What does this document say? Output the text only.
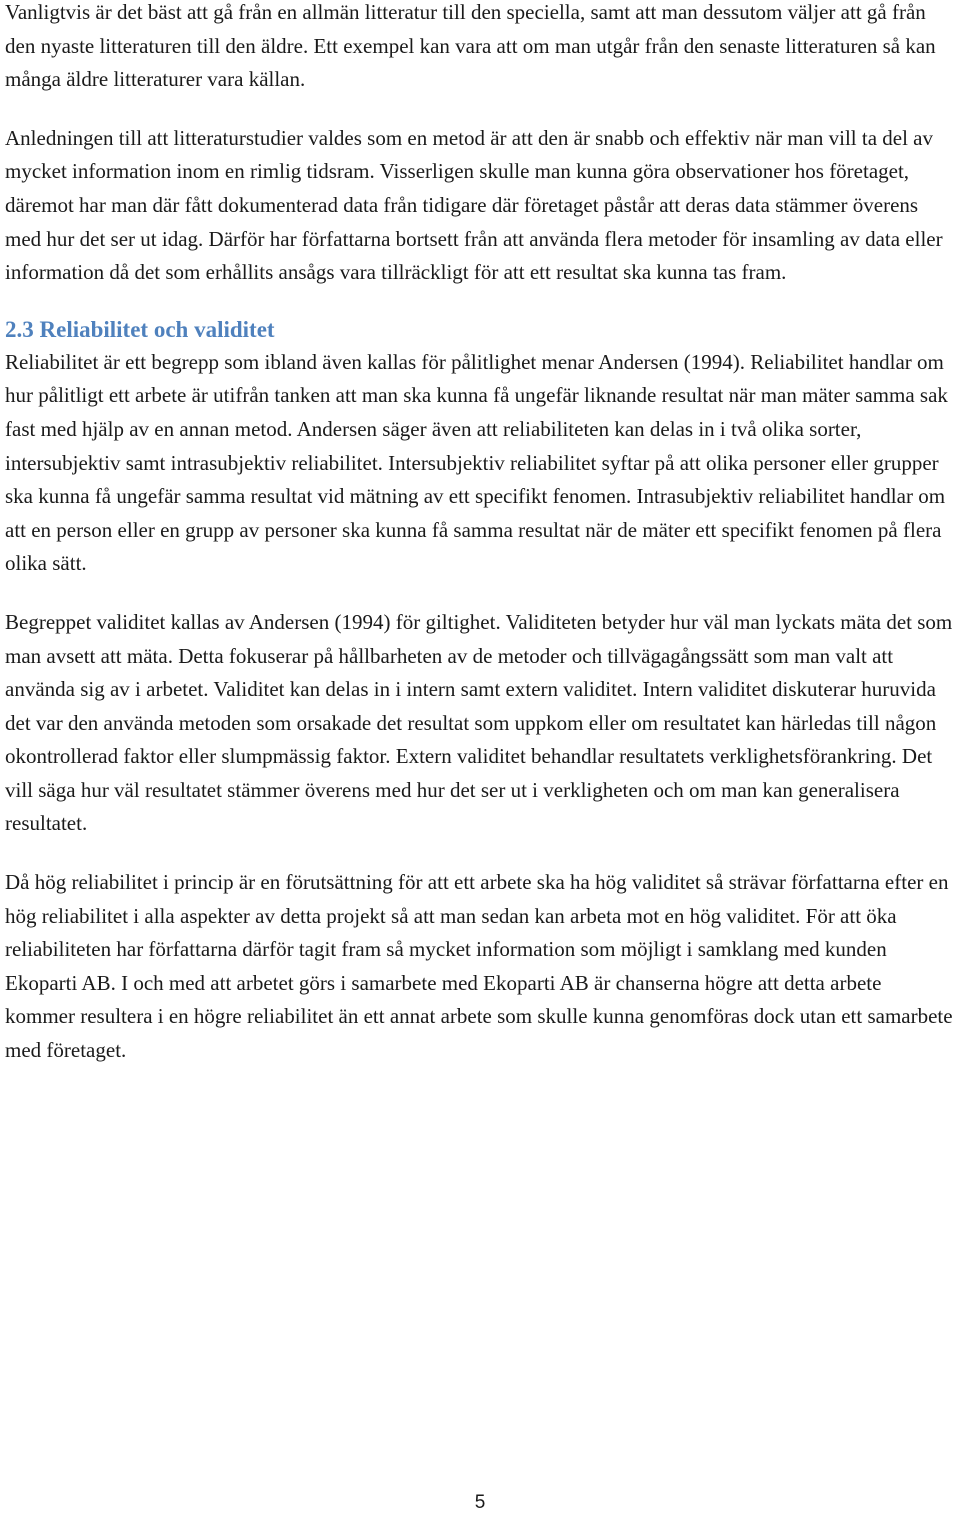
Vanligtvis är det bäst att gå från en allmän litteratur till den speciella, samt att man dessutom väljer att gå från den nyaste litteraturen till den äldre. Ett exempel kan vara att om man utgår från den senaste litteraturen så kan många äldre litteraturer vara källan.

Anledningen till att litteraturstudier valdes som en metod är att den är snabb och effektiv när man vill ta del av mycket information inom en rimlig tidsram. Visserligen skulle man kunna göra observationer hos företaget, däremot har man där fått dokumenterad data från tidigare där företaget påstår att deras data stämmer överens med hur det ser ut idag. Därför har författarna bortsett från att använda flera metoder för insamling av data eller information då det som erhållits ansågs vara tillräckligt för att ett resultat ska kunna tas fram.

2.3 Reliabilitet och validitet

Reliabilitet är ett begrepp som ibland även kallas för pålitlighet menar Andersen (1994). Reliabilitet handlar om hur pålitligt ett arbete är utifrån tanken att man ska kunna få ungefär liknande resultat när man mäter samma sak fast med hjälp av en annan metod. Andersen säger även att reliabiliteten kan delas in i två olika sorter, intersubjektiv samt intrasubjektiv reliabilitet. Intersubjektiv reliabilitet syftar på att olika personer eller grupper ska kunna få ungefär samma resultat vid mätning av ett specifikt fenomen. Intrasubjektiv reliabilitet handlar om att en person eller en grupp av personer ska kunna få samma resultat när de mäter ett specifikt fenomen på flera olika sätt.

Begreppet validitet kallas av Andersen (1994) för giltighet. Validiteten betyder hur väl man lyckats mäta det som man avsett att mäta. Detta fokuserar på hållbarheten av de metoder och tillvägagångssätt som man valt att använda sig av i arbetet. Validitet kan delas in i intern samt extern validitet. Intern validitet diskuterar huruvida det var den använda metoden som orsakade det resultat som uppkom eller om resultatet kan härledas till någon okontrollerad faktor eller slumpmässig faktor. Extern validitet behandlar resultatets verklighetsförankring. Det vill säga hur väl resultatet stämmer överens med hur det ser ut i verkligheten och om man kan generalisera resultatet.

Då hög reliabilitet i princip är en förutsättning för att ett arbete ska ha hög validitet så strävar författarna efter en hög reliabilitet i alla aspekter av detta projekt så att man sedan kan arbeta mot en hög validitet. För att öka reliabiliteten har författarna därför tagit fram så mycket information som möjligt i samklang med kunden Ekoparti AB. I och med att arbetet görs i samarbete med Ekoparti AB är chanserna högre att detta arbete kommer resultera i en högre reliabilitet än ett annat arbete som skulle kunna genomföras dock utan ett samarbete med företaget.

5
